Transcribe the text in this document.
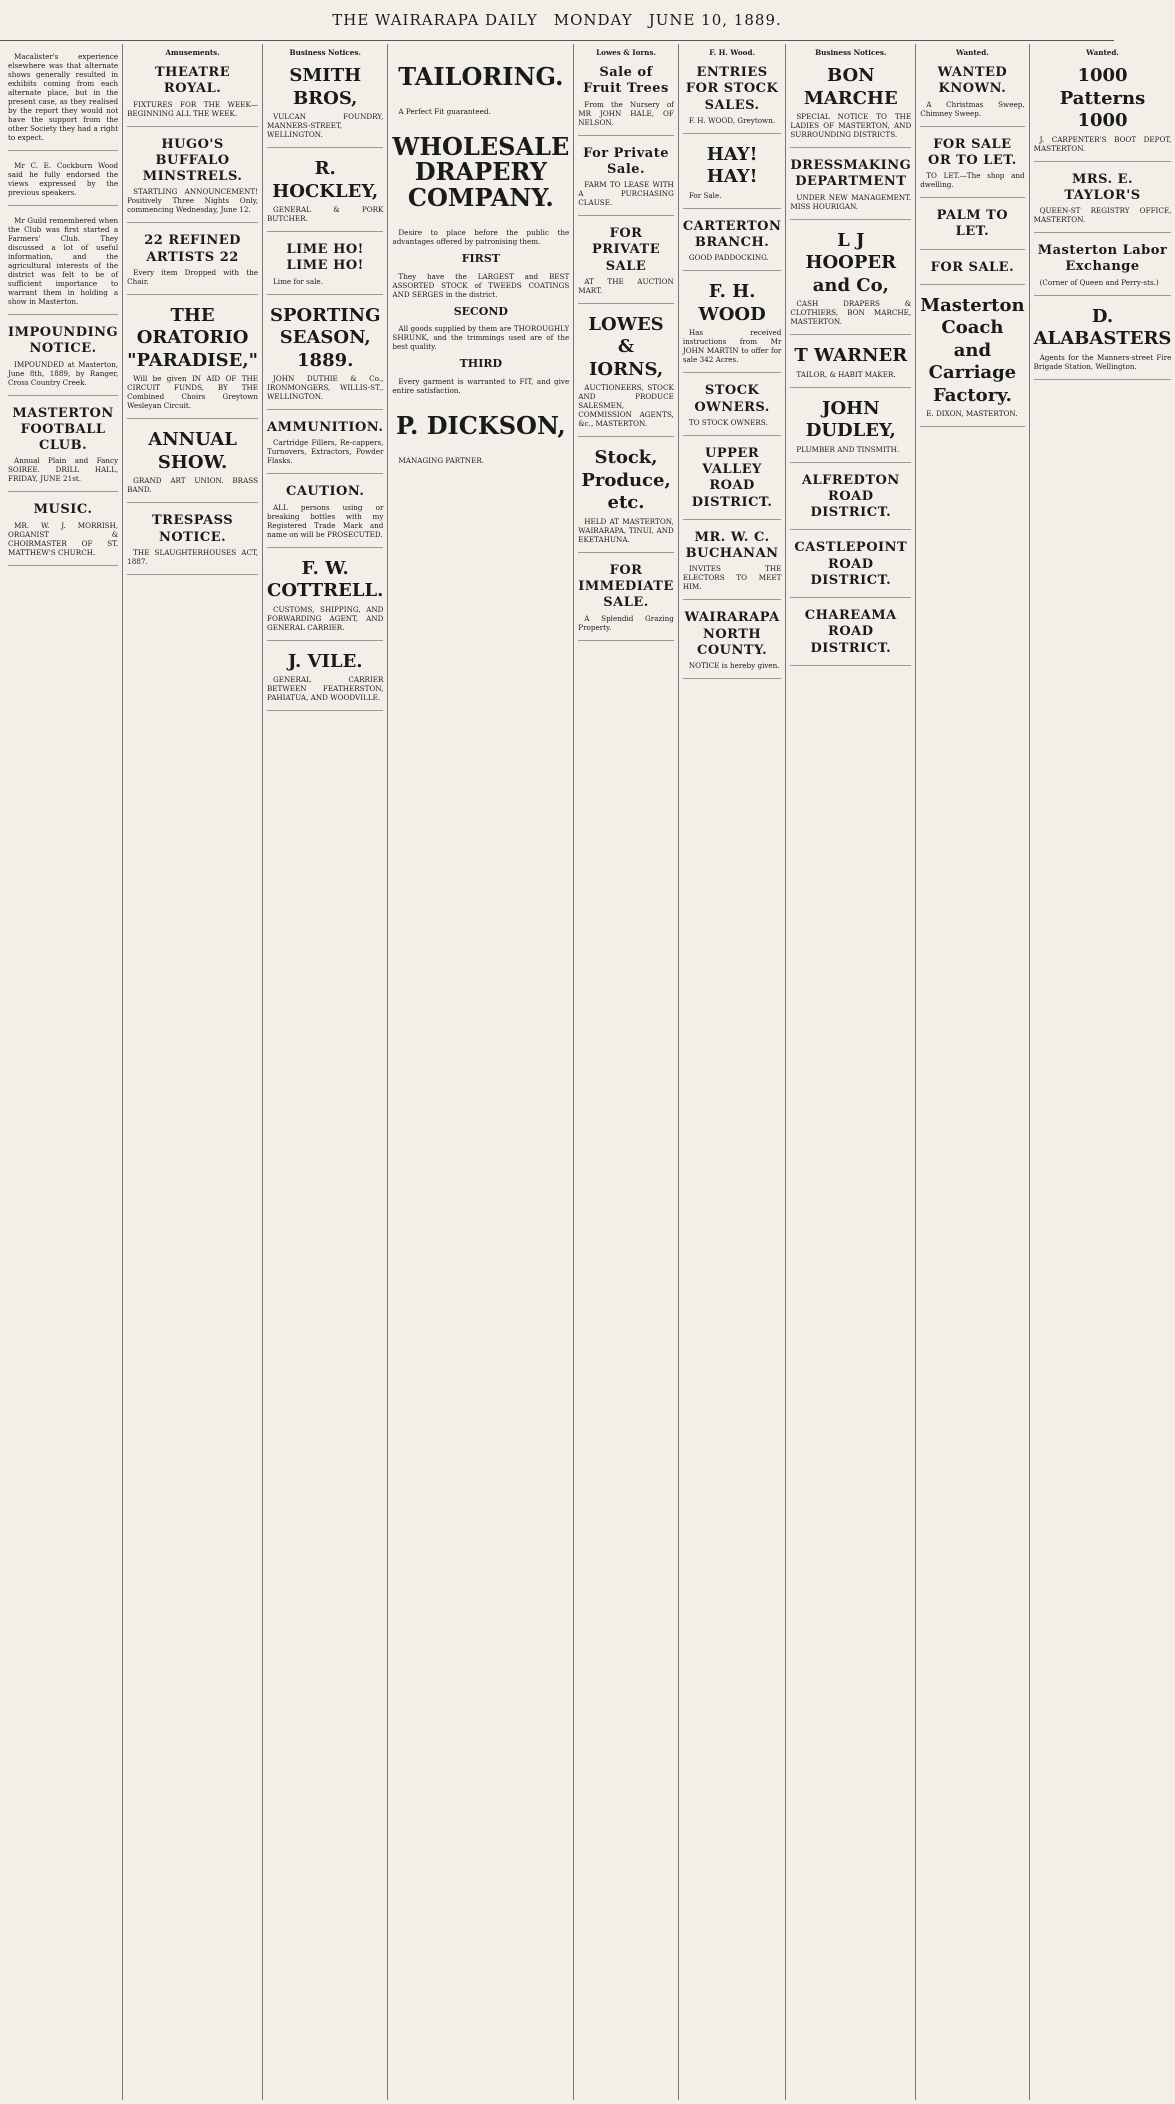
THE WAIRARAPA DAILY MONDAY JUNE 10, 1889.
Macalister's experience elsewhere was that alternate shows generally resulted in exhibits coming from each alternate place, but in the present case, as they realised by the report they would not have the support from the other Society they had a right to expect.
Mr C. E. Cockburn Wood said he fully endorsed the views expressed by the previous speakers.
Mr Guild remembered when the Club was first started a Farmers' Club. They discussed a lot of useful information, and the agricultural interests of the district was felt to be of sufficient importance to warrant them in holding a show in Masterton.
IMPOUNDING NOTICE.
IMPOUNDED at Masterton, June 8th, 1889, by Ranger, Cross Country Creek.
MASTERTON FOOTBALL CLUB.
Annual Plain and Fancy SOIREE. DRILL HALL, FRIDAY, JUNE 21st.
MUSIC.
MR. W. J. MORRISH, ORGANIST & CHOIRMASTER OF ST. MATTHEW'S CHURCH.
Amusements.
THEATRE ROYAL.
FIXTURES FOR THE WEEK—BEGINNING ALL THE WEEK.
HUGO'S BUFFALO MINSTRELS.
STARTLING ANNOUNCEMENT! Positively Three Nights Only, commencing Wednesday, June 12.
22 REFINED ARTISTS 22
Every item Dropped with the Chair.
THE ORATORIO "PARADISE,"
Will be given IN AID OF THE CIRCUIT FUNDS, BY THE Combined Choirs Greytown Wesleyan Circuit.
ANNUAL SHOW.
GRAND ART UNION. BRASS BAND.
TRESPASS NOTICE.
THE SLAUGHTERHOUSES ACT, 1887.
Business Notices.
SMITH BROS,
VULCAN FOUNDRY, MANNERS-STREET, WELLINGTON.
R. HOCKLEY,
GENERAL & PORK BUTCHER.
LIME HO! LIME HO!
Lime for sale.
SPORTING SEASON, 1889.
JOHN DUTHIE & Co., IRONMONGERS, WILLIS-ST., WELLINGTON.
AMMUNITION.
Cartridge Fillers, Re-cappers, Turnovers, Extractors, Powder Flasks.
CAUTION.
ALL persons using or breaking bottles with my Registered Trade Mark and name on will be PROSECUTED.
F. W. COTTRELL.
CUSTOMS, SHIPPING, AND FORWARDING AGENT, AND GENERAL CARRIER.
J. VILE.
GENERAL CARRIER BETWEEN FEATHERSTON, PAHIATUA, AND WOODVILLE.
TAILORING.
A Perfect Fit guaranteed.
WHOLESALE DRAPERY COMPANY.
Desire to place before the public the advantages offered by patronising them.
FIRST
They have the LARGEST and BEST ASSORTED STOCK of TWEEDS COATINGS AND SERGES in the district.
SECOND
All goods supplied by them are THOROUGHLY SHRUNK, and the trimmings used are of the best quality.
THIRD
Every garment is warranted to FIT, and give entire satisfaction.
P. DICKSON,
MANAGING PARTNER.
Lowes & Iorns.
Sale of Fruit Trees
From the Nursery of MR JOHN HALE, OF NELSON.
For Private Sale.
FARM TO LEASE WITH A PURCHASING CLAUSE.
FOR PRIVATE SALE
AT THE AUCTION MART.
LOWES & IORNS,
AUCTIONEERS, STOCK AND PRODUCE SALESMEN, COMMISSION AGENTS, &c., MASTERTON.
Stock, Produce, etc.
HELD AT MASTERTON, WAIRARAPA, TINUI, AND EKETAHUNA.
FOR IMMEDIATE SALE.
A Splendid Grazing Property.
F. H. Wood.
ENTRIES FOR STOCK SALES.
F. H. WOOD, Greytown.
HAY! HAY!
For Sale.
CARTERTON BRANCH.
GOOD PADDOCKING.
F. H. WOOD
Has received instructions from Mr JOHN MARTIN to offer for sale 342 Acres.
STOCK OWNERS.
TO STOCK OWNERS.
UPPER VALLEY ROAD DISTRICT.
MR. W. C. BUCHANAN
INVITES THE ELECTORS TO MEET HIM.
WAIRARAPA NORTH COUNTY.
NOTICE is hereby given.
Business Notices.
BON MARCHE
SPECIAL NOTICE TO THE LADIES OF MASTERTON, AND SURROUNDING DISTRICTS.
DRESSMAKING DEPARTMENT
UNDER NEW MANAGEMENT. MISS HOURIGAN.
L J HOOPER and Co,
CASH DRAPERS & CLOTHIERS, BON MARCHE, MASTERTON.
T WARNER
TAILOR, & HABIT MAKER.
JOHN DUDLEY,
PLUMBER AND TINSMITH.
ALFREDTON ROAD DISTRICT.
CASTLEPOINT ROAD DISTRICT.
CHAREAMA ROAD DISTRICT.
Wanted.
WANTED KNOWN.
A Christmas Sweep, Chimney Sweep.
FOR SALE OR TO LET.
TO LET.—The shop and dwelling.
PALM TO LET.
FOR SALE.
Masterton Coach and Carriage Factory.
E. DIXON, MASTERTON.
Wanted.
1000 Patterns 1000
J. CARPENTER'S BOOT DEPOT, MASTERTON.
MRS. E. TAYLOR'S
QUEEN-ST REGISTRY OFFICE, MASTERTON.
Masterton Labor Exchange
(Corner of Queen and Perry-sts.)
D. ALABASTERS
Agents for the Manners-street Fire Brigade Station, Wellington.
